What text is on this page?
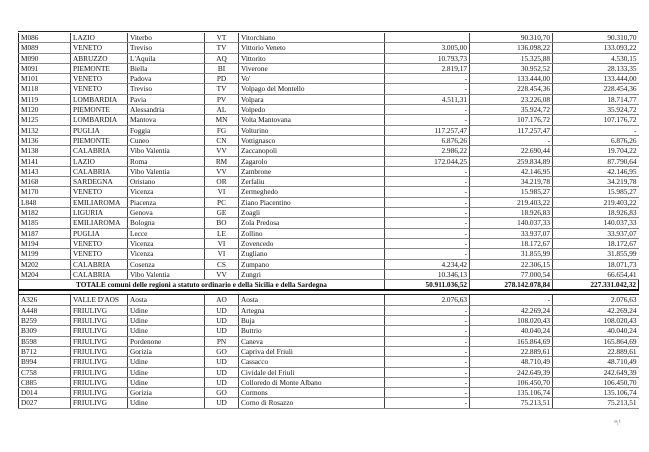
M086	LAZIO	Viterbo	VT	Vitorchiano		90.310,70	90.310,70
M089	VENETO	Treviso	TV	Vittorio Veneto	3.005,00	136.098,22	133.093,22
M090	ABRUZZO	L'Aquila	AQ	Vittorito	10.793,73	15.325,88	4.530,15
M091	PIEMONTE	Biella	BI	Viverone	2.819,17	30.952,52	28.133,35
M101	VENETO	Padova	PD	Vo'	-	133.444,00	133.444,00
M118	VENETO	Treviso	TV	Volpago del Montello	-	228.454,36	228.454,36
M119	LOMBARDIA	Pavia	PV	Volpara	4.511,31	23.226,08	18.714,77
M120	PIEMONTE	Alessandria	AL	Volpedo	-	35.924,72	35.924,72
M125	LOMBARDIA	Mantova	MN	Volta Mantovana	-	107.176,72	107.176,72
M132	PUGLIA	Foggia	FG	Volturino	117.257,47	117.257,47	-
M136	PIEMONTE	Cuneo	CN	Vottignasco	6.876,26	-	6.876,26
M138	CALABRIA	Vibo Valentia	VV	Zaccanopoli	2.986,22	22.690,44	19.704,22
M141	LAZIO	Roma	RM	Zagarolo	172.044,25	259.834,89	87.790,64
M143	CALABRIA	Vibo Valentia	VV	Zambrone	-	42.146,95	42.146,95
M168	SARDEGNA	Oristano	OR	Zerfaliu	-	34.219,78	34.219,78
M170	VENETO	Vicenza	VI	Zermeghedo	-	15.985,27	15.985,27
L848	EMILIAROMA	Piacenza	PC	Ziano Piacentino	-	219.403,22	219.403,22
M182	LIGURIA	Genova	GE	Zoagli	-	18.926,83	18.926,83
M185	EMILIAROMA	Bologna	BO	Zola Predosa	-	140.037,33	140.037,33
M187	PUGLIA	Lecce	LE	Zollino	-	33.937,07	33.937,07
M194	VENETO	Vicenza	VI	Zovencedo	-	18.172,67	18.172,67
M199	VENETO	Vicenza	VI	Zugliano	-	31.855,99	31.855,99
M202	CALABRIA	Cosenza	CS	Zumpano	4.234,42	22.306,15	18.071,73
M204	CALABRIA	Vibo Valentia	VV	Zungri	10.346,13	77.000,54	66.654,41
TOTALE comuni delle regioni a statuto ordinario e della Sicilia e della Sardegna					50.911.036,52	278.142.078,84	227.331.042,32

A326	VALLE D'AOS	Aosta	AO	Aosta	2.076,63	-	2.076,63
A448	FRIULIVG	Udine	UD	Artegna	-	42.269,24	42.269,24
B259	FRIULIVG	Udine	UD	Buja	-	108.020,43	108.020,43
B309	FRIULIVG	Udine	UD	Buttrio	-	40.040,24	40.040,24
B598	FRIULIVG	Pordenone	PN	Caneva	-	165.864,69	165.864,69
B712	FRIULIVG	Gorizia	GO	Capriva del Friuli	-	22.889,61	22.889,61
B994	FRIULIVG	Udine	UD	Cassacco	-	48.710,49	48.710,49
C758	FRIULIVG	Udine	UD	Cividale del Friuli	-	242.649,39	242.649,39
C885	FRIULIVG	Udine	UD	Colloredo di Monte Albano	-	106.450,70	106.450,70
D014	FRIULIVG	Gorizia	GO	Cormons	-	135.106,74	135.106,74
D027	FRIULIVG	Udine	UD	Corno di Rosazzo	-	75.213,51	75.213,51
ᵃᵢᵗ
